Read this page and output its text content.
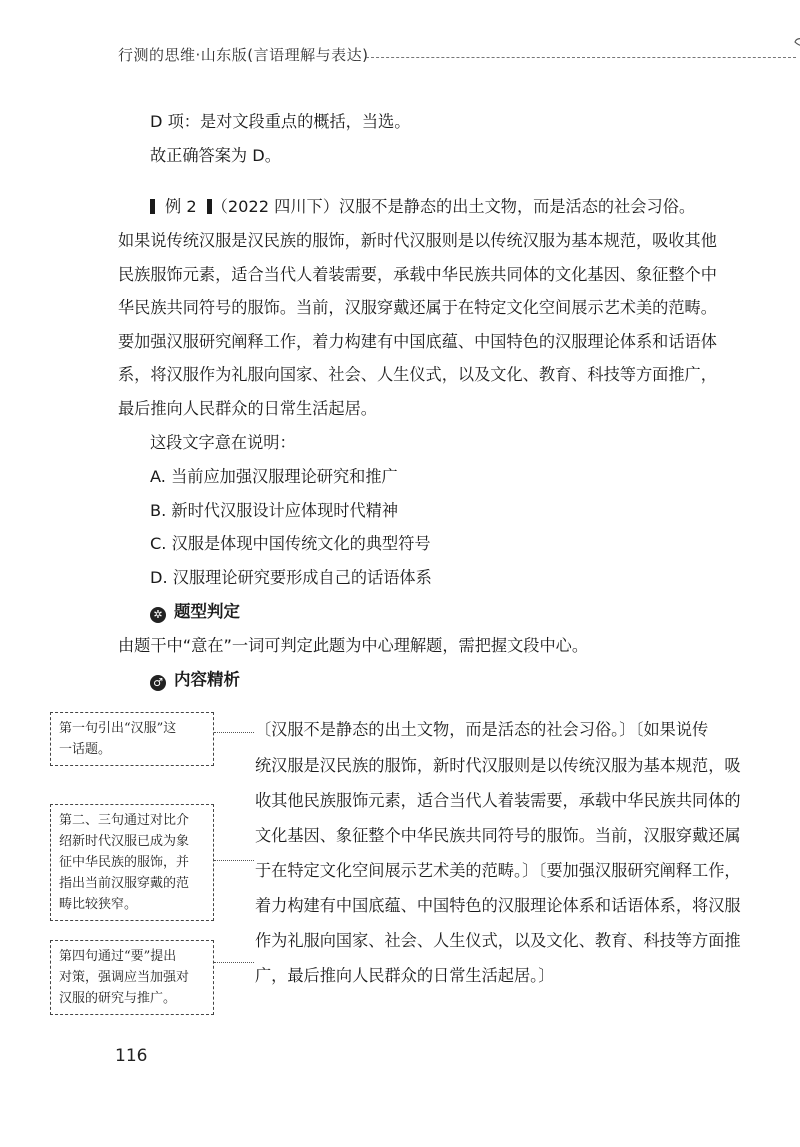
行测的思维·山东版(言语理解与表达)
D 项：是对文段重点的概括，当选。
故正确答案为 D。
例 2 （2022 四川下）汉服不是静态的出土文物，而是活态的社会习俗。
如果说传统汉服是汉民族的服饰，新时代汉服则是以传统汉服为基本规范，吸收其他
民族服饰元素，适合当代人着装需要，承载中华民族共同体的文化基因、象征整个中
华民族共同符号的服饰。当前，汉服穿戴还属于在特定文化空间展示艺术美的范畴。
要加强汉服研究阐释工作，着力构建有中国底蕴、中国特色的汉服理论体系和话语体
系，将汉服作为礼服向国家、社会、人生仪式，以及文化、教育、科技等方面推广，
最后推向人民群众的日常生活起居。
这段文字意在说明：
A. 当前应加强汉服理论研究和推广
B. 新时代汉服设计应体现时代精神
C. 汉服是体现中国传统文化的典型符号
D. 汉服理论研究要形成自己的话语体系
✲ 题型判定
由题干中“意在”一词可判定此题为中心理解题，需把握文段中心。
♂ 内容精析
第一句引出“汉服”这
一话题。
第二、三句通过对比介
绍新时代汉服已成为象
征中华民族的服饰，并
指出当前汉服穿戴的范
畴比较狭窄。
第四句通过“要”提出
对策，强调应当加强对
汉服的研究与推广。
〔汉服不是静态的出土文物，而是活态的社会习俗。〕〔如果说传
统汉服是汉民族的服饰，新时代汉服则是以传统汉服为基本规范，吸
收其他民族服饰元素，适合当代人着装需要，承载中华民族共同体的
文化基因、象征整个中华民族共同符号的服饰。当前，汉服穿戴还属
于在特定文化空间展示艺术美的范畴。〕〔要加强汉服研究阐释工作，
着力构建有中国底蕴、中国特色的汉服理论体系和话语体系，将汉服
作为礼服向国家、社会、人生仪式，以及文化、教育、科技等方面推
广，最后推向人民群众的日常生活起居。〕
116
